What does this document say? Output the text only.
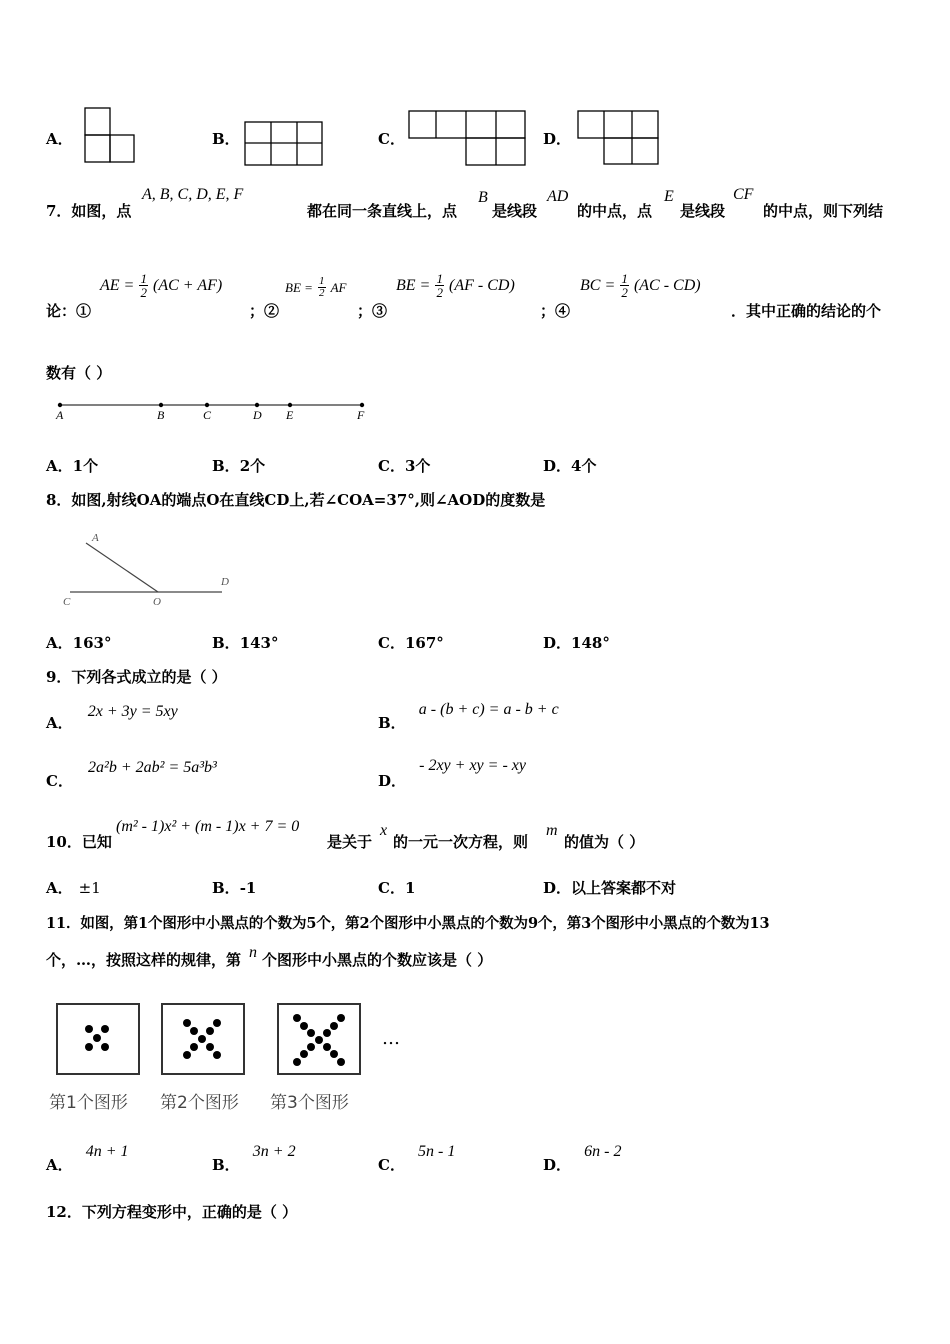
A．	B．	C．	D．
7．如图，点
A, B, C, D, E, F
都在同一条直线上，点
B
是线段
AD
的中点，点
E
是线段
CF
的中点，则下列结
论：①
AE = $\frac{1}{2} (AC + AF)$
；②
BE = $\frac{1}{2}$ AF
；③
BE = $\frac{1}{2} (AF - CD)$
；④
BC = $\frac{1}{2} (AC - CD)$
．其中正确的结论的个
数有（ ）
A	B	C	D E	F
A．1个	B．2个	C．3个	D．4个
8．如图,射线OA的端点O在直线CD上,若∠COA=37°,则∠AOD的度数是
A
C	O
D
A．163°	B．143°	C．167°	D．148°
9．下列各式成立的是（ ）
A． 2x + 3y = 5xy
B． a - (b + c) = a - b + c
C． 2a²b + 2ab² = 5a³b³
D． - 2xy + xy = - xy
10．已知
(m² - 1)x² + (m - 1)x + 7 = 0
是关于
x
的一元一次方程，则
m
的值为（ ）
A． ±1	B．-1	C．1	D．以上答案都不对
11．如图，第1个图形中小黑点的个数为5个，第2个图形中小黑点的个数为9个，第3个图形中小黑点的个数为13
个，…，按照这样的规律，第 n 个图形中小黑点的个数应该是（ ）
…
第1个图形 第2个图形 第3个图形
A． 4n + 1
B． 3n + 2
C． 5n - 1
D． 6n - 2
12．下列方程变形中，正确的是（ ）
